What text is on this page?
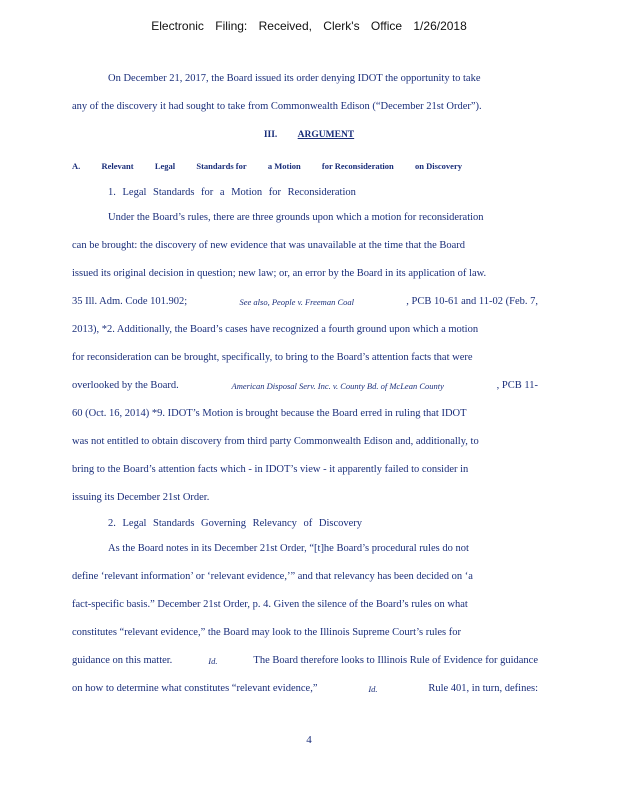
Electronic Filing: Received, Clerk's Office 1/26/2018
On December 21, 2017, the Board issued its order denying IDOT the opportunity to take
any of the discovery it had sought to take from Commonwealth Edison (“December 21st Order”).
III. ARGUMENT
A. Relevant Legal Standards for a Motion for Reconsideration on Discovery
1. Legal Standards for a Motion for Reconsideration
Under the Board’s rules, there are three grounds upon which a motion for reconsideration
can be brought: the discovery of new evidence that was unavailable at the time that the Board
issued its original decision in question; new law; or, an error by the Board in its application of law.
35 Ill. Adm. Code 101.902;	See also, People v. Freeman Coal	, PCB 10-61 and 11-02 (Feb. 7,
2013), *2. Additionally, the Board’s cases have recognized a fourth ground upon which a motion
for reconsideration can be brought, specifically, to bring to the Board’s attention facts that were
overlooked by the Board.	American Disposal Serv. Inc. v. County Bd. of McLean County	, PCB 11-
60 (Oct. 16, 2014) *9. IDOT’s Motion is brought because the Board erred in ruling that IDOT
was not entitled to obtain discovery from third party Commonwealth Edison and, additionally, to
bring to the Board’s attention facts which - in IDOT’s view - it apparently failed to consider in
issuing its December 21st Order.
2. Legal Standards Governing Relevancy of Discovery
As the Board notes in its December 21st Order, “[t]he Board’s procedural rules do not
define ‘relevant information’ or ‘relevant evidence,’” and that relevancy has been decided on ‘a
fact-specific basis.” December 21st Order, p. 4. Given the silence of the Board’s rules on what
constitutes “relevant evidence,” the Board may look to the Illinois Supreme Court’s rules for
guidance on this matter.	Id.	The Board therefore looks to Illinois Rule of Evidence for guidance
on how to determine what constitutes “relevant evidence,”	Id.	Rule 401, in turn, defines:
4
